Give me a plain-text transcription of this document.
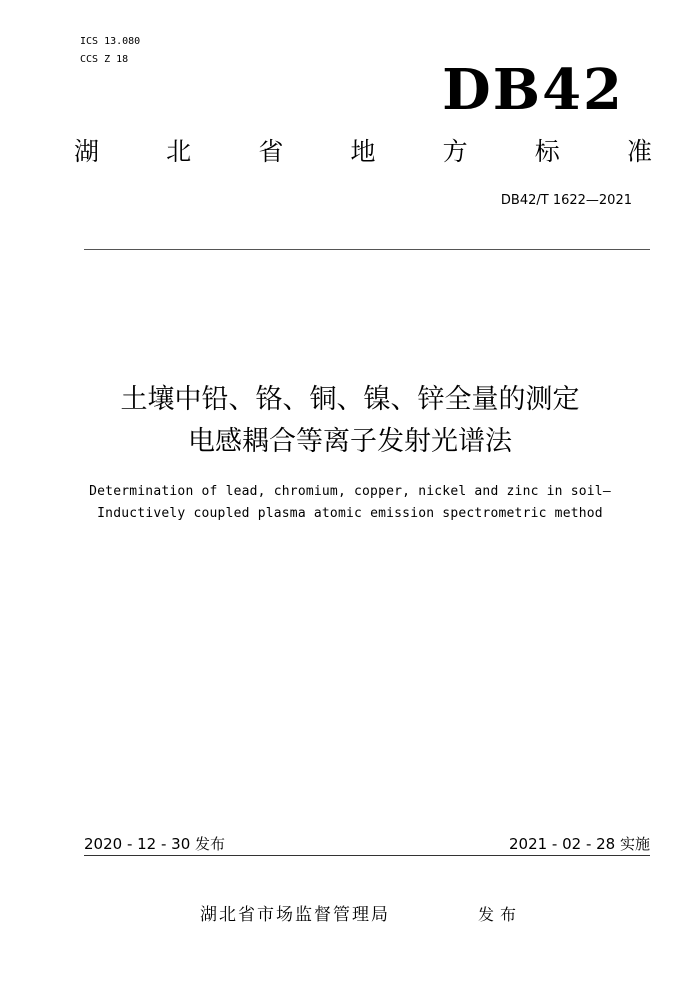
ICS 13.080
CCS Z 18	DB42
湖	北	省	地	方	标	准
DB42/T 1622—2021
土壤中铅、铬、铜、镍、锌全量的测定
电感耦合等离子发射光谱法
Determination of lead, chromium, copper, nickel and zinc in soil—
Inductively coupled plasma atomic emission spectrometric method
2020 - 12 - 30 发布	2021 - 02 - 28 实施
湖北省市场监督管理局	发布
